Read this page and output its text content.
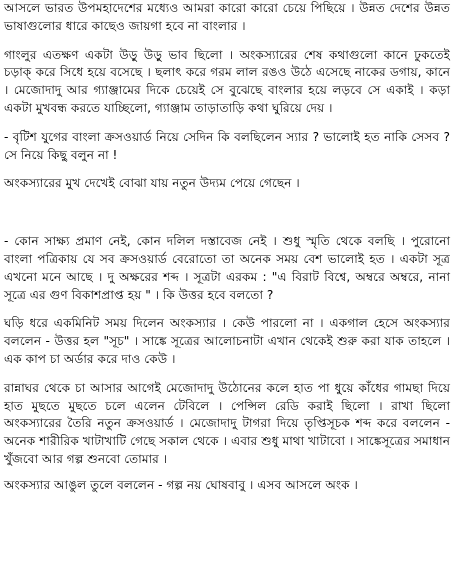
আসলে ভারত উপমহাদেশের মধ্যেও আমরা কারো কারো চেয়ে পিছিয়ে । উন্নত দেশের উন্নত ভাষাগুলোর ধারে কাছেও জায়গা হবে না বাংলার ।

গাংলুর এতক্ষণ একটা উড়ু উড়ু ভাব ছিলো । অংকস্যারের শেষ কথাগুলো কানে ঢুকতেই চড়াক্ করে সিধে হয়ে বসেছে । ছলাৎ করে গরম লাল রঙও উঠে এসেছে নাকের ডগায়, কানে । মেজোদাদু আর গ্যাঞ্জামের দিকে চেয়েই সে বুঝেছে বাংলার হয়ে লড়বে সে একাই । কড়া একটা মুখবন্ধ করতে যাচ্ছিলো, গ্যাঞ্জাম তাড়াতাড়ি কথা ঘুরিয়ে দেয় ।

- বৃটিশ যুগের বাংলা ক্রসওয়ার্ড নিয়ে সেদিন কি বলছিলেন স্যার ? ভালোই হত নাকি সেসব ? সে নিয়ে কিছু বলুন না !

অংকস্যারের মুখ দেখেই বোঝা যায় নতুন উদ্যম পেয়ে গেছেন ।

- কোন সাক্ষ্য প্রমাণ নেই, কোন দলিল দস্তাবেজ নেই । শুধু স্মৃতি থেকে বলছি । পুরোনো বাংলা পত্রিকায় যে সব ক্রসওয়ার্ড বেরোতো তা অনেক সময় বেশ ভালোই হত । একটা সূত্র এখনো মনে আছে । দু অক্ষরের শব্দ । সূত্রটা এরকম : "এ বিরাট বিশ্বে, অম্বরে অম্বরে, নানা সূত্রে এর গুণ বিকাশপ্রাপ্ত হয় " । কি উত্তর হবে বলতো ?

ঘড়ি ধরে একমিনিট সময় দিলেন অংকস্যার । কেউ পারলো না । একগাল হেসে অংকস্যার বললেন - উত্তর হল "সূচ" । সাঙ্কে সূত্রের আলোচনাটা এখান থেকেই শুরু করা যাক তাহলে । এক কাপ চা অর্ডার করে দাও কেউ ।

রান্নাঘর থেকে চা আসার আগেই মেজোদাদু উঠোনের কলে হাত পা ধুয়ে কাঁধের গামছা দিয়ে হাত মুছতে মুছতে চলে এলেন টেবিলে । পেন্সিল রেডি করাই ছিলো । রাখা ছিলো অংকস্যারের তৈরি নতুন ক্রসওয়ার্ড । মেজোদাদু টাগরা দিয়ে তৃপ্তিসূচক শব্দ করে বললেন - অনেক শারীরিক খাটাখাটি গেছে সকাল থেকে । এবার শুধু মাথা খাটাবো । সাঙ্কেসূত্রের সমাধান খুঁজবো আর গল্প শুনবো তোমার ।

অংকস্যার আঙুল তুলে বললেন - গল্প নয় ঘোষবাবু । এসব আসলে অংক ।
